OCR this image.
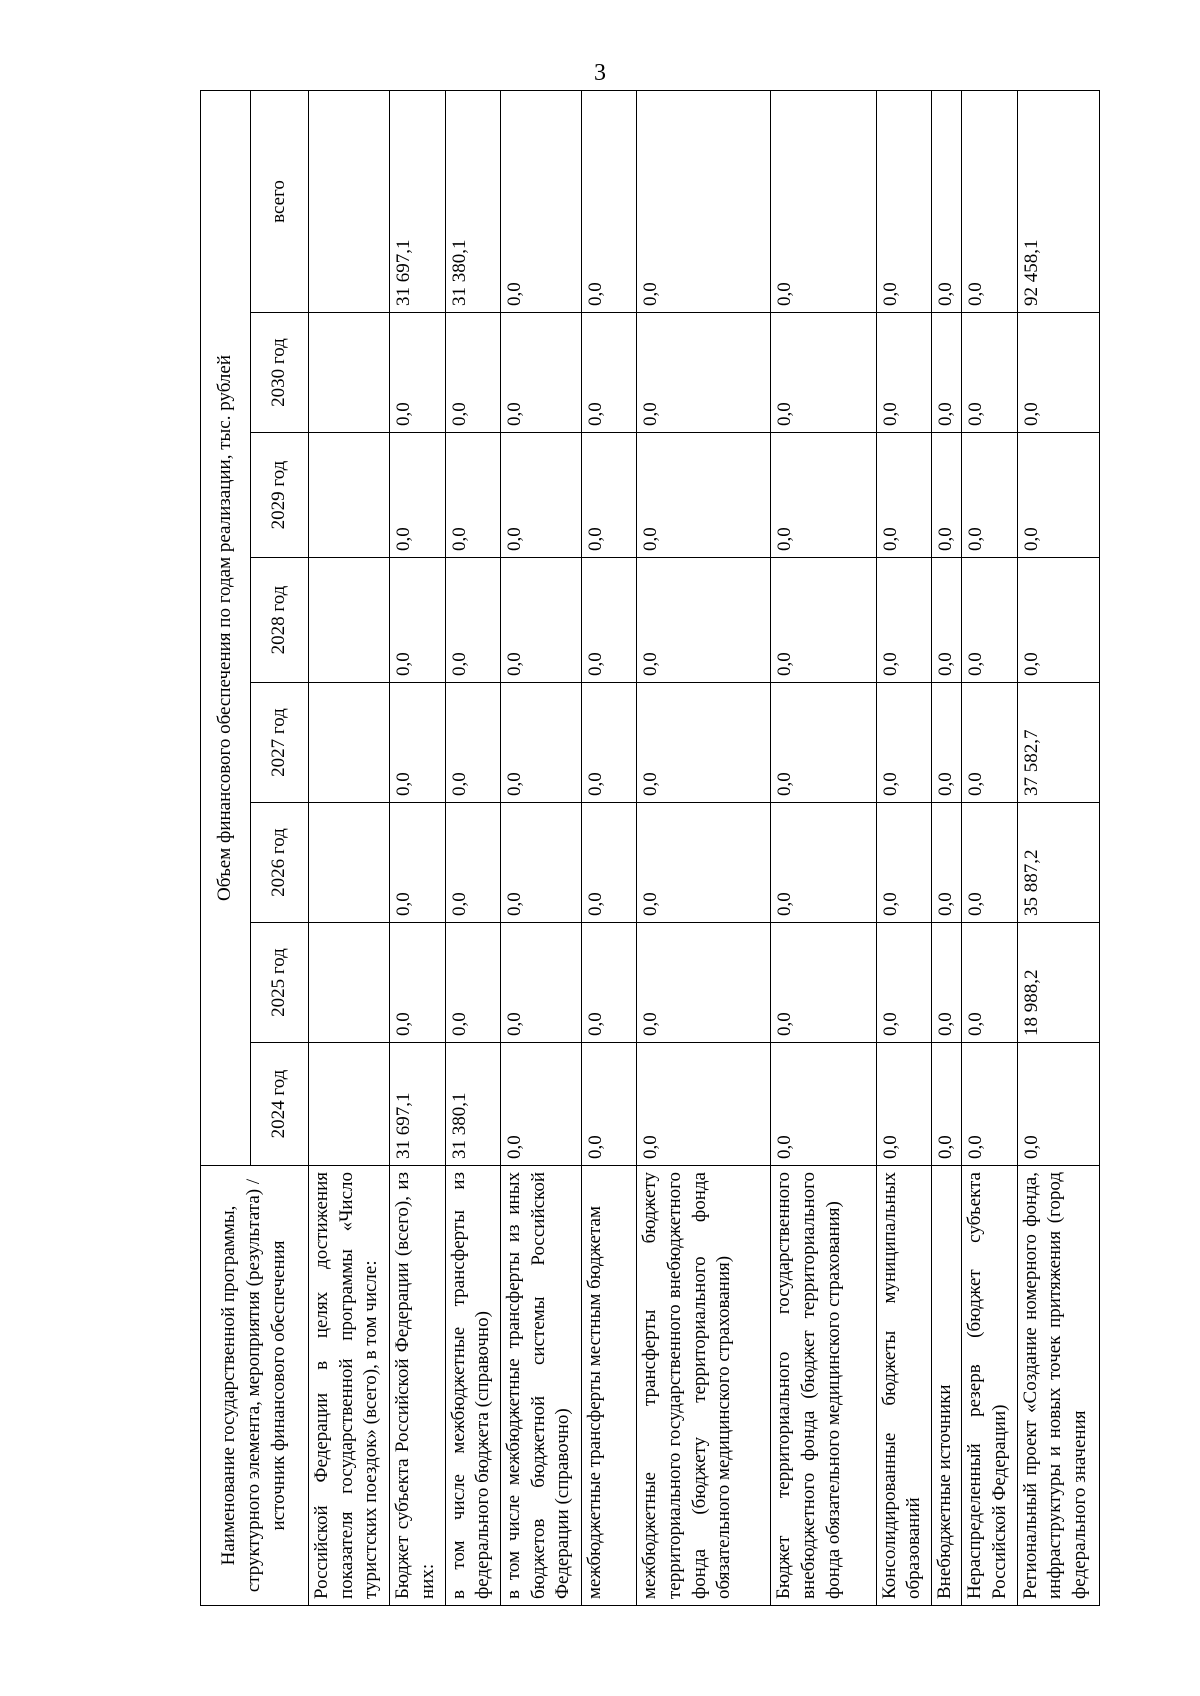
3
Наименование государственной программы, структурного элемента, мероприятия (результата) / источник финансового обеспечения	Объем финансового обеспечения по годам реализации, тыс. рублей							
	2024 год	2025 год	2026 год	2027 год	2028 год	2029 год	2030 год	всего
Российской Федерации в целях достижения показателя государственной программы «Число туристских поездок» (всего), в том числе:								
Бюджет субъекта Российской Федерации (всего), из них:	31 697,1	0,0	0,0	0,0	0,0	0,0	0,0	31 697,1
в том числе межбюджетные трансферты из федерального бюджета (справочно)	31 380,1	0,0	0,0	0,0	0,0	0,0	0,0	31 380,1
в том числе межбюджетные трансферты из иных бюджетов бюджетной системы Российской Федерации (справочно)	0,0	0,0	0,0	0,0	0,0	0,0	0,0	0,0
межбюджетные трансферты местным бюджетам	0,0	0,0	0,0	0,0	0,0	0,0	0,0	0,0
межбюджетные трансферты бюджету территориального государственного внебюджетного фонда (бюджету территориального фонда обязательного медицинского страхования)	0,0	0,0	0,0	0,0	0,0	0,0	0,0	0,0
Бюджет территориального государственного внебюджетного фонда (бюджет территориального фонда обязательного медицинского страхования)	0,0	0,0	0,0	0,0	0,0	0,0	0,0	0,0
Консолидированные бюджеты муниципальных образований	0,0	0,0	0,0	0,0	0,0	0,0	0,0	0,0
Внебюджетные источники	0,0	0,0	0,0	0,0	0,0	0,0	0,0	0,0
Нераспределенный резерв (бюджет субъекта Российской Федерации)	0,0	0,0	0,0	0,0	0,0	0,0	0,0	0,0
Региональный проект «Создание номерного фонда, инфраструктуры и новых точек притяжения (город федерального значения	0,0	18 988,2	35 887,2	37 582,7	0,0	0,0	0,0	92 458,1
